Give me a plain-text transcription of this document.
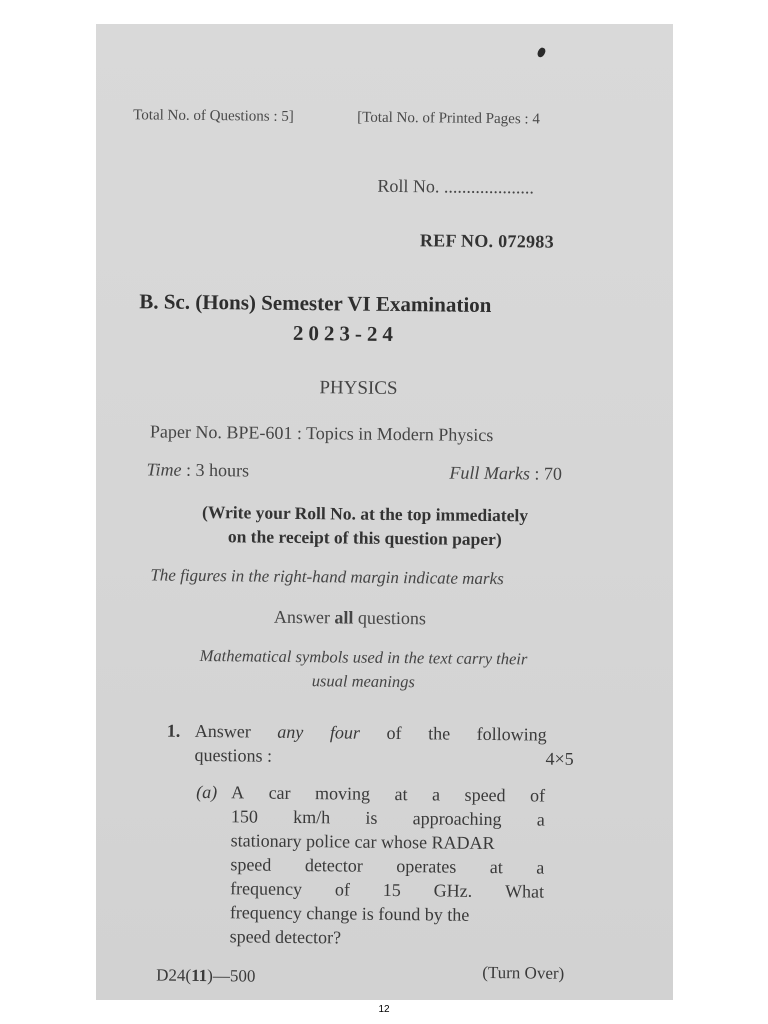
Total No. of Questions : 5]	[Total No. of Printed Pages : 4
Roll No. ....................
REF NO. 072983
B. Sc. (Hons) Semester VI Examination
2023-24
PHYSICS
Paper No. BPE-601 : Topics in Modern Physics
Time : 3 hours	Full Marks : 70
(Write your Roll No. at the top immediately
on the receipt of this question paper)
The figures in the right-hand margin indicate marks
Answer all questions
Mathematical symbols used in the text carry their
usual meanings
1. Answer any four of the following
questions :	4×5
(a) A car moving at a speed of
150 km/h is approaching a
stationary police car whose RADAR
speed detector operates at a
frequency of 15 GHz. What
frequency change is found by the
speed detector?
D24(11)—500	(Turn Over)
12
